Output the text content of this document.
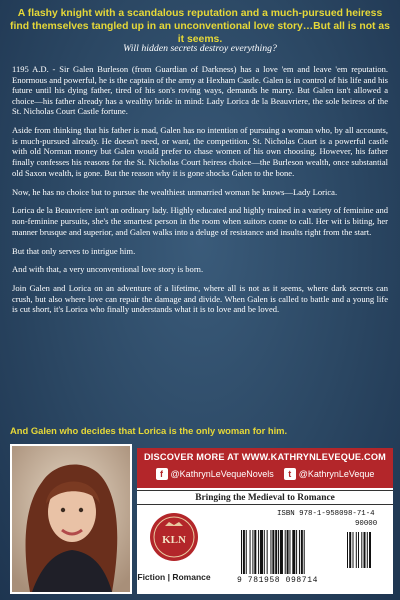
A flashy knight with a scandalous reputation and a much-pursued heiress find themselves tangled up in an unconventional love story…But all is not as it seems.
Will hidden secrets destroy everything?

1195 A.D. - Sir Galen Burleson (from Guardian of Darkness) has a love 'em and leave 'em reputation. Enormous and powerful, he is the captain of the army at Hexham Castle. Galen is in control of his life and his future until his dying father, tired of his son's roving ways, demands he marry. But Galen isn't allowed a choice—his father already has a wealthy bride in mind: Lady Lorica de la Beauvriere, the sole heiress of the St. Nicholas Court Castle fortune.

Aside from thinking that his father is mad, Galen has no intention of pursuing a woman who, by all accounts, is much-pursued already. He doesn't need, or want, the competition. St. Nicholas Court is a powerful castle with old Norman money but Galen would prefer to chase women of his own choosing. However, his father finally confesses his reasons for the St. Nicholas Court heiress choice—the Burleson wealth, once substantial old Saxon wealth, is gone. But the reason why it is gone shocks Galen to the bone.

Now, he has no choice but to pursue the wealthiest unmarried woman he knows—Lady Lorica.

Lorica de la Beauvriere isn't an ordinary lady. Highly educated and highly trained in a variety of feminine and non-feminine pursuits, she's the smartest person in the room when suitors come to call. Her wit is biting, her manner brusque and superior, and Galen walks into a deluge of resistance and insults right from the start.

But that only serves to intrigue him.

And with that, a very unconventional love story is born.

Join Galen and Lorica on an adventure of a lifetime, where all is not as it seems, where dark secrets can crush, but also where love can repair the damage and divide. When Galen is called to battle and a young life is cut short, it's Lorica who finally understands what it is to love and be loved.

And Galen who decides that Lorica is the only woman for him.
DISCOVER MORE AT WWW.KATHRYNLEVEQUE.COM
f @KathrynLeVequeNovels	t @KathrynLeVeque
Bringing the Medieval to Romance
KLN
Fiction | Romance
ISBN 978-1-958098-71-4
90000
9 781958 098714
